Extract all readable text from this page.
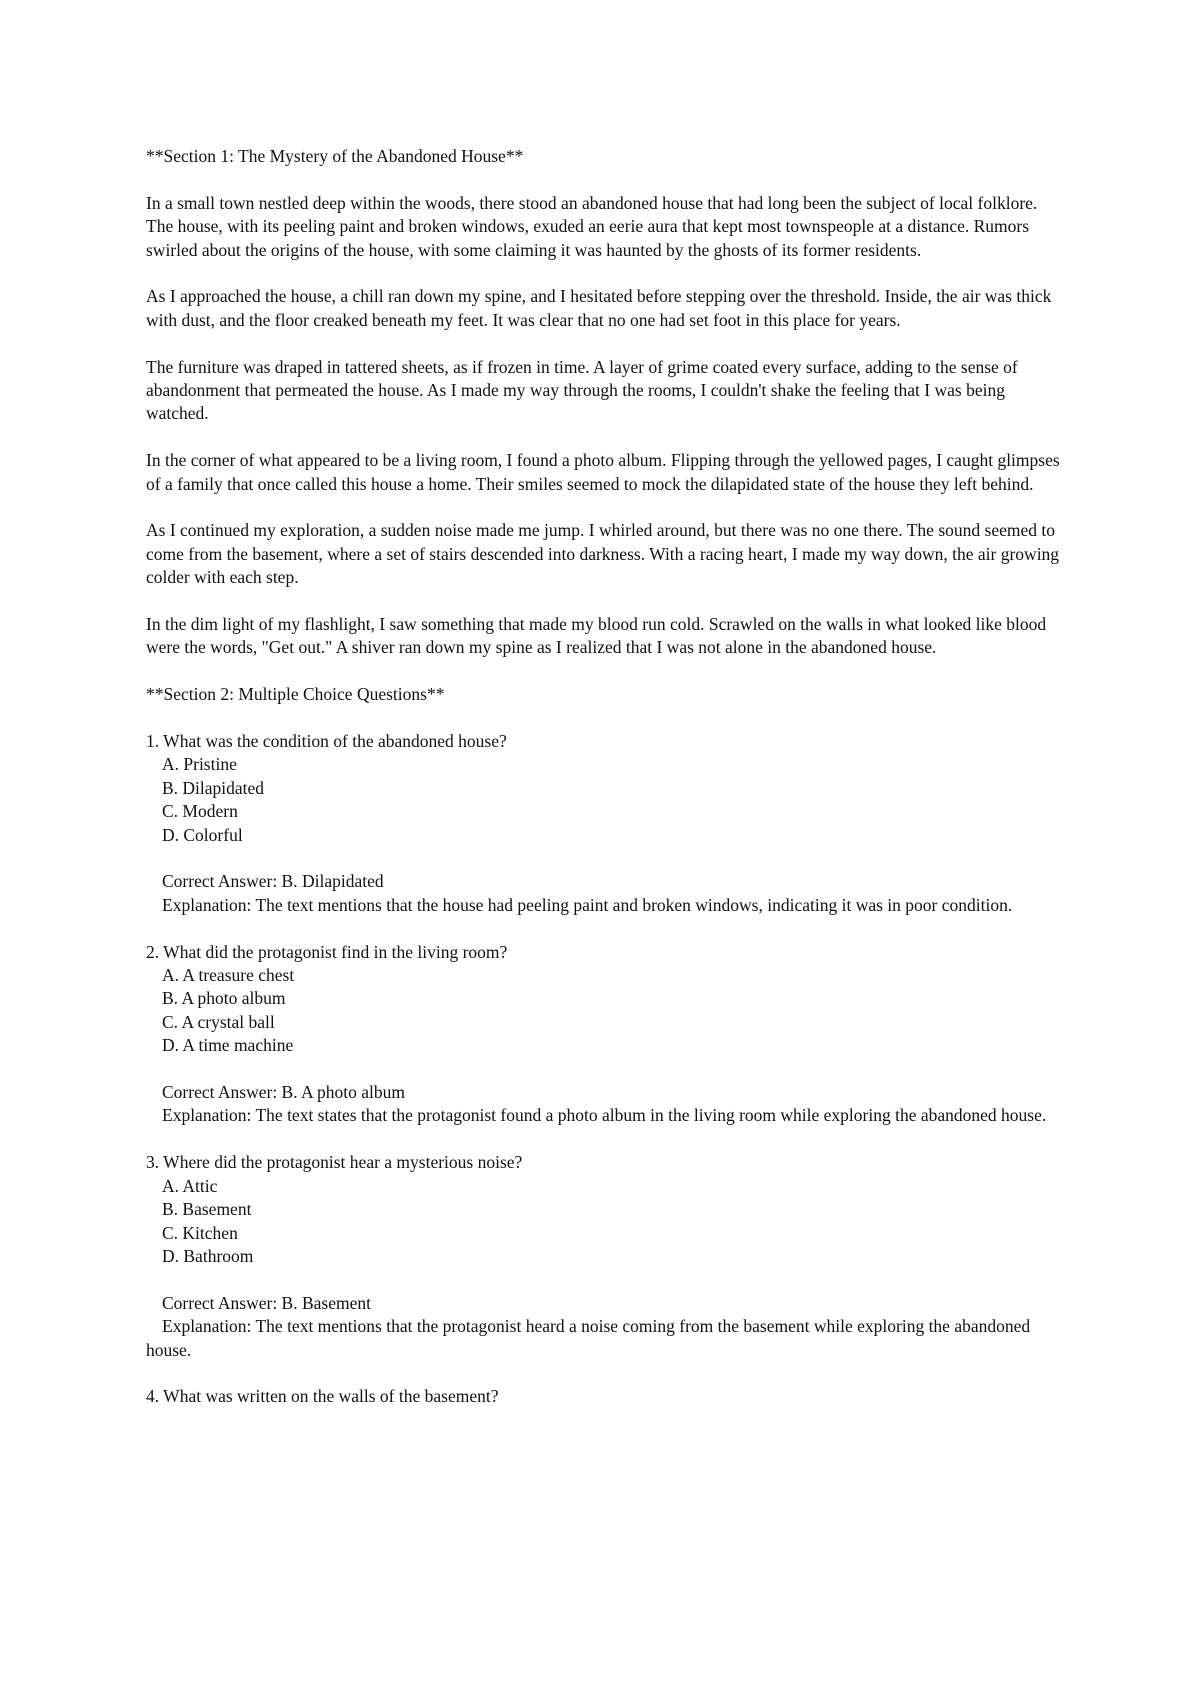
**Section 1: The Mystery of the Abandoned House**

In a small town nestled deep within the woods, there stood an abandoned house that had long been the subject of local folklore. The house, with its peeling paint and broken windows, exuded an eerie aura that kept most townspeople at a distance. Rumors swirled about the origins of the house, with some claiming it was haunted by the ghosts of its former residents.

As I approached the house, a chill ran down my spine, and I hesitated before stepping over the threshold. Inside, the air was thick with dust, and the floor creaked beneath my feet. It was clear that no one had set foot in this place for years.

The furniture was draped in tattered sheets, as if frozen in time. A layer of grime coated every surface, adding to the sense of abandonment that permeated the house. As I made my way through the rooms, I couldn't shake the feeling that I was being watched.

In the corner of what appeared to be a living room, I found a photo album. Flipping through the yellowed pages, I caught glimpses of a family that once called this house a home. Their smiles seemed to mock the dilapidated state of the house they left behind.

As I continued my exploration, a sudden noise made me jump. I whirled around, but there was no one there. The sound seemed to come from the basement, where a set of stairs descended into darkness. With a racing heart, I made my way down, the air growing colder with each step.

In the dim light of my flashlight, I saw something that made my blood run cold. Scrawled on the walls in what looked like blood were the words, "Get out." A shiver ran down my spine as I realized that I was not alone in the abandoned house.

**Section 2: Multiple Choice Questions**

1. What was the condition of the abandoned house?
A. Pristine
B. Dilapidated
C. Modern
D. Colorful
Correct Answer: B. Dilapidated
Explanation: The text mentions that the house had peeling paint and broken windows, indicating it was in poor condition.
2. What did the protagonist find in the living room?
A. A treasure chest
B. A photo album
C. A crystal ball
D. A time machine
Correct Answer: B. A photo album
Explanation: The text states that the protagonist found a photo album in the living room while exploring the abandoned house.
3. Where did the protagonist hear a mysterious noise?
A. Attic
B. Basement
C. Kitchen
D. Bathroom
Correct Answer: B. Basement
Explanation: The text mentions that the protagonist heard a noise coming from the basement while exploring the abandoned house.
4. What was written on the walls of the basement?
